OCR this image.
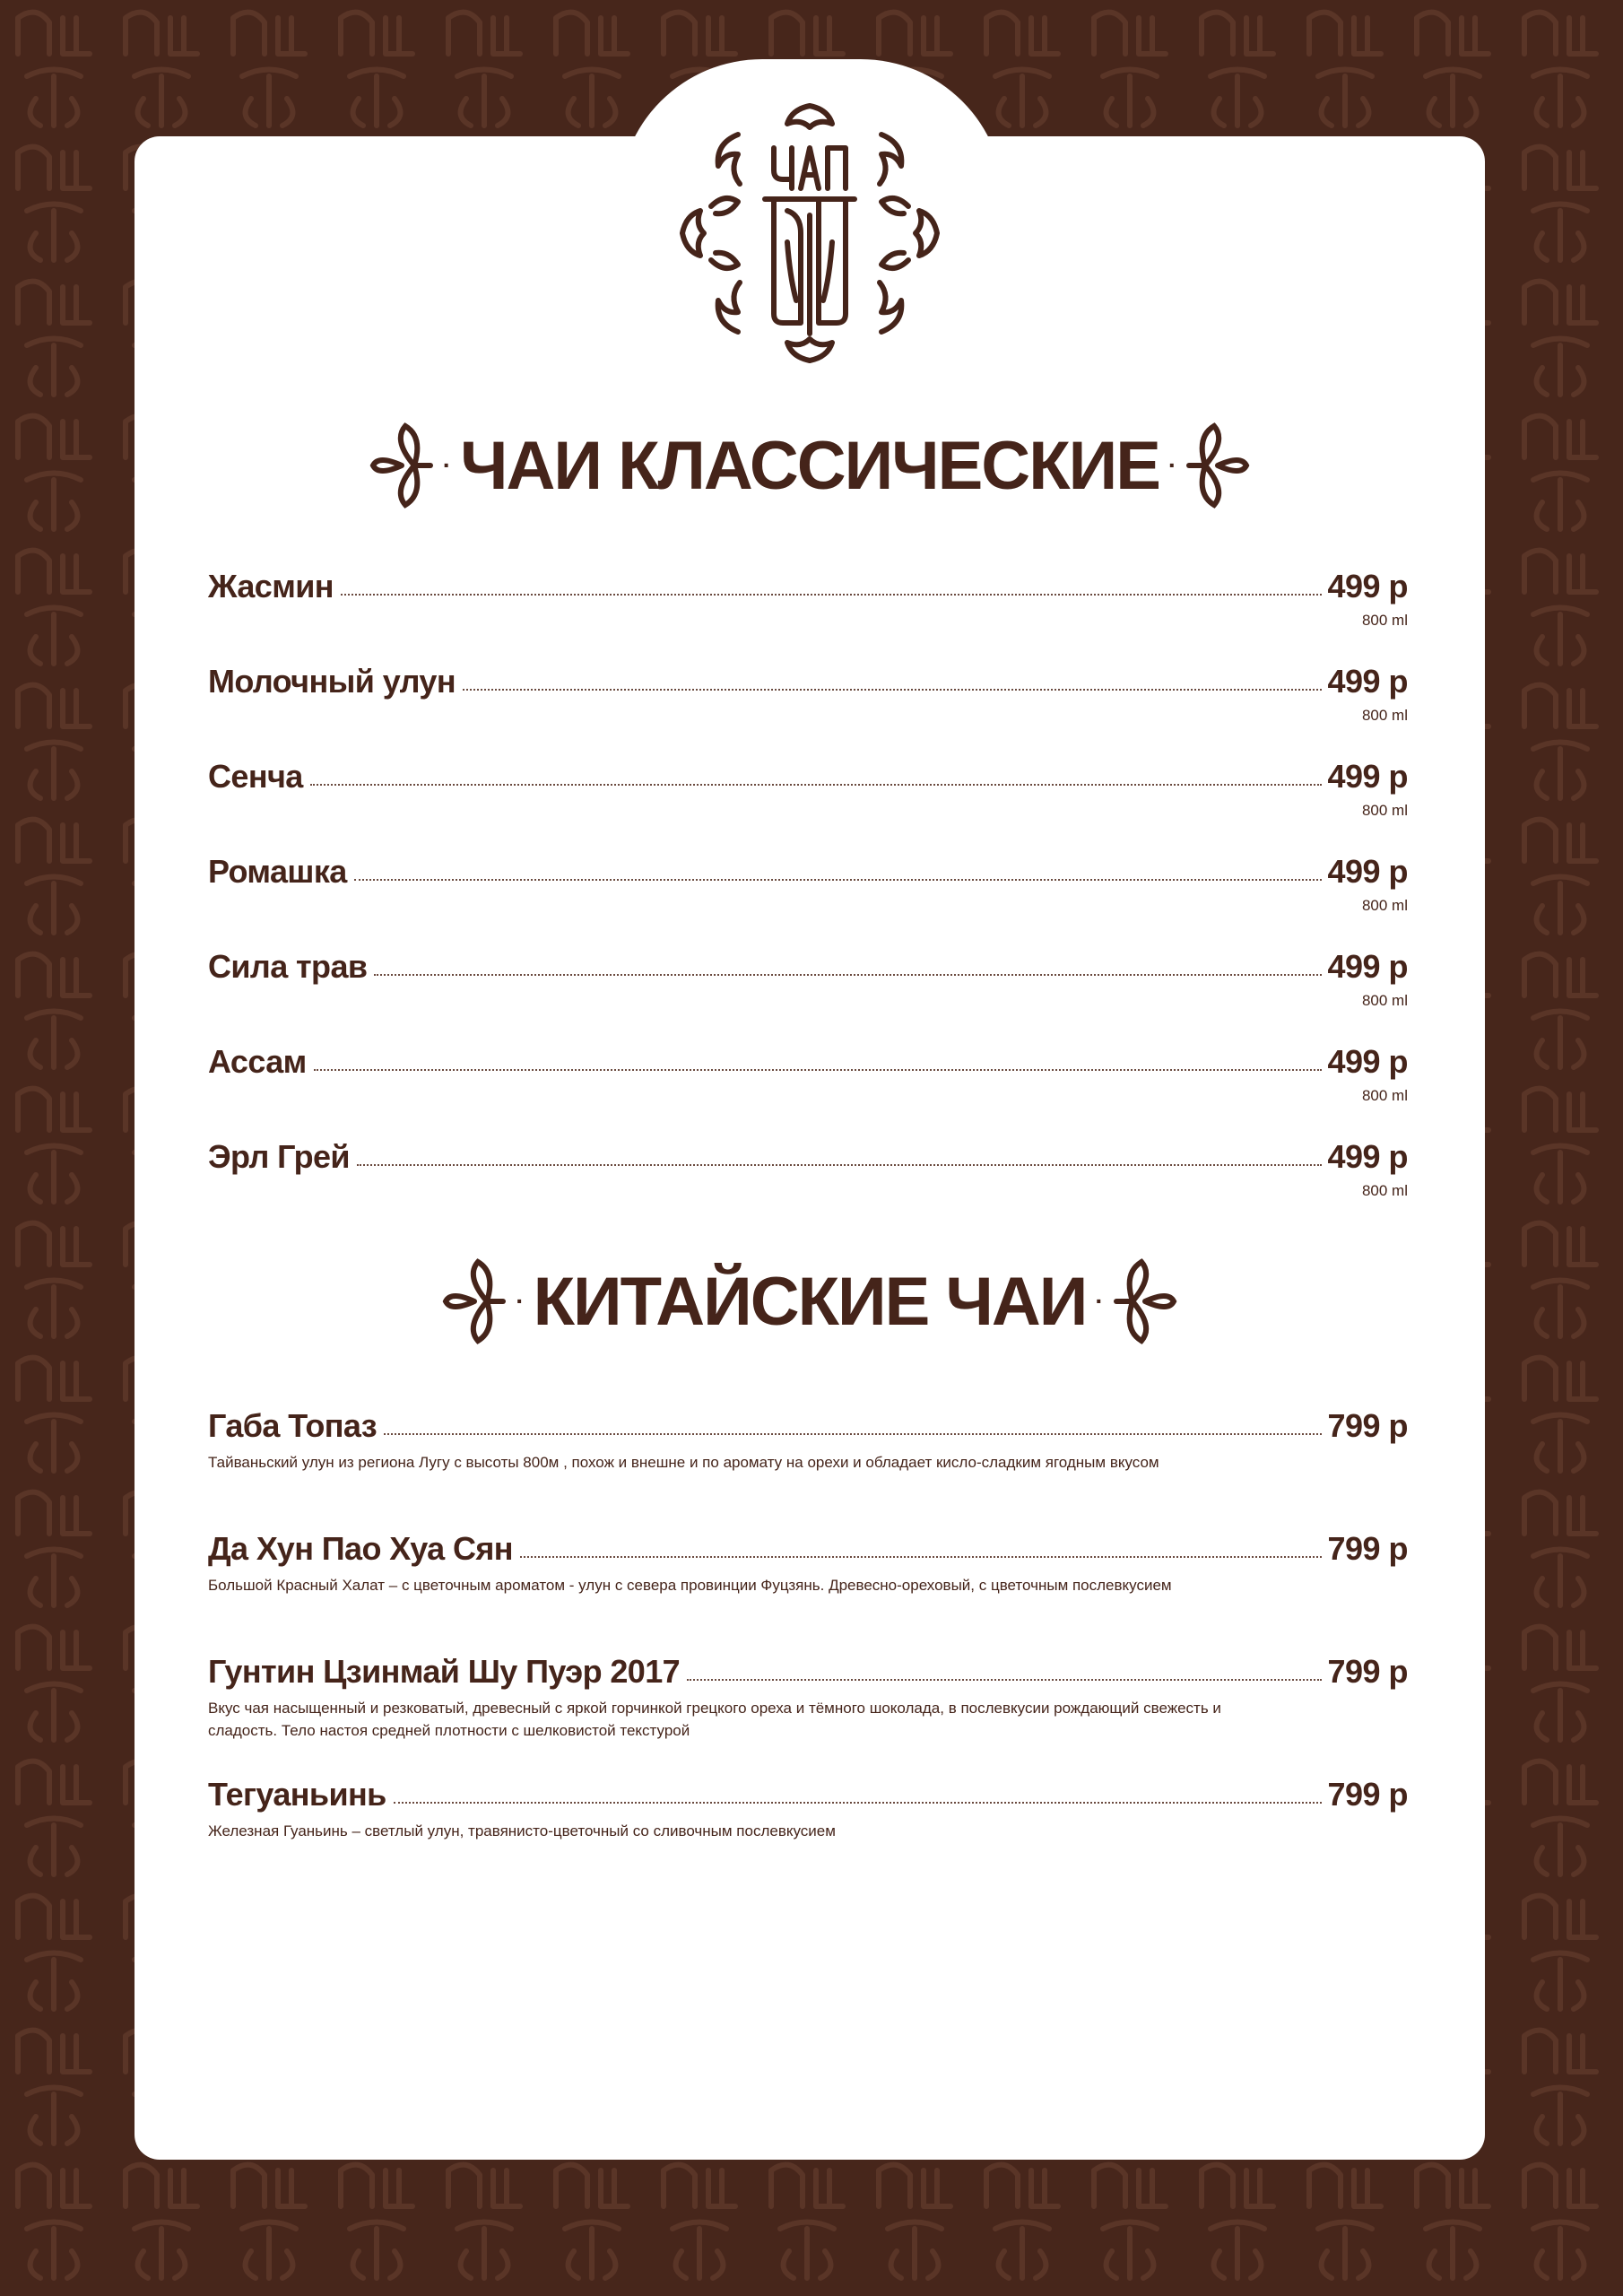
· ЧАИ КЛАССИЧЕСКИЕ ·
Жасмин	499 р
800 ml
Молочный улун	499 р
800 ml
Сенча	499 р
800 ml
Ромашка	499 р
800 ml
Сила трав	499 р
800 ml
Ассам	499 р
800 ml
Эрл Грей	499 р
800 ml
· КИТАЙСКИЕ ЧАИ ·
Габа Топаз	799 р
Тайваньский улун из региона Лугу с высоты 800м , похож и внешне и по аромату на орехи и обладает кисло-сладким ягодным вкусом
Да Хун Пао Хуа Сян	799 р
Большой Красный Халат – с цветочным ароматом - улун с севера провинции Фуцзянь. Древесно-ореховый, с цветочным послевкусием
Гунтин Цзинмай Шу Пуэр 2017	799 р
Вкус чая насыщенный и резковатый, древесный с яркой горчинкой грецкого ореха и тёмного шоколада, в послевкусии рождающий свежесть и сладость. Тело настоя средней плотности с шелковистой текстурой
Тегуаньинь	799 р
Железная Гуаньинь – светлый улун, травянисто-цветочный со сливочным послевкусием
